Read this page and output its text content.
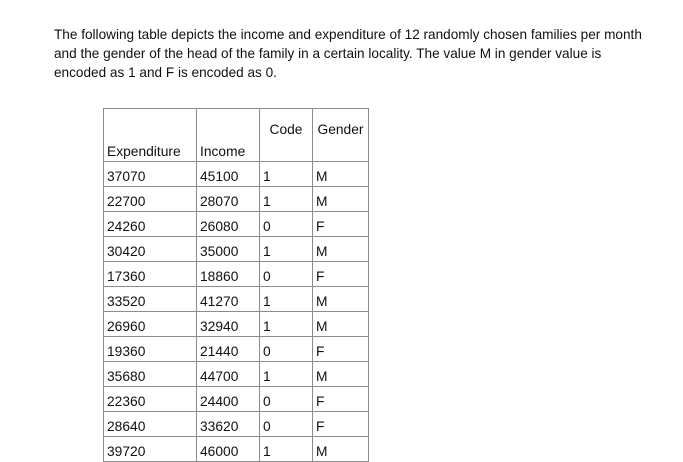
The following table depicts the income and expenditure of 12 randomly chosen families per month and the gender of the head of the family in a certain locality. The value M in gender value is encoded as 1 and F is encoded as 0.

Expenditure	Income	Code	Gender
37070	45100	1	M
22700	28070	1	M
24260	26080	0	F
30420	35000	1	M
17360	18860	0	F
33520	41270	1	M
26960	32940	1	M
19360	21440	0	F
35680	44700	1	M
22360	24400	0	F
28640	33620	0	F
39720	46000	1	M
